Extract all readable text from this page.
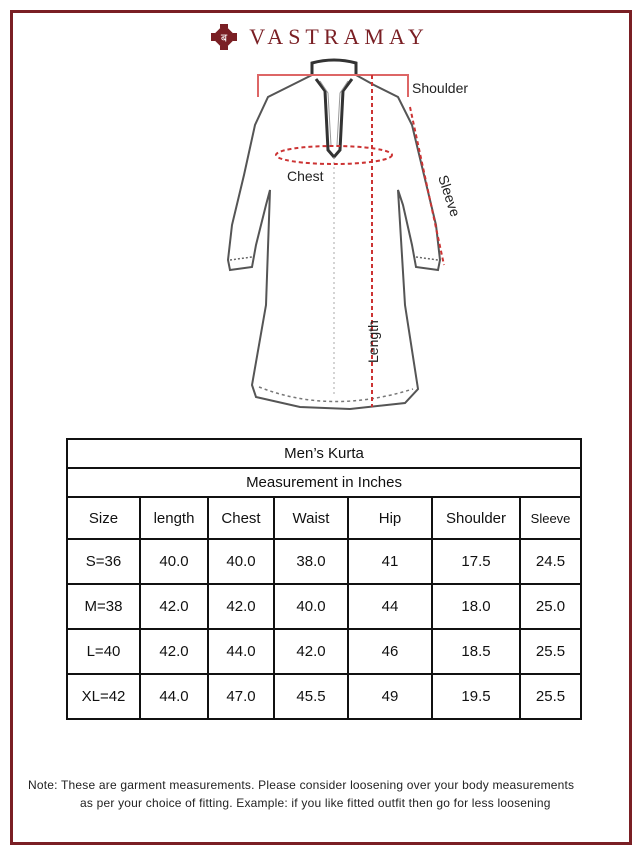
ब VASTRAMAY
Shoulder
Chest	Sleeve
Length
Men’s Kurta						
Measurement in Inches						
Size	length	Chest	Waist	Hip	Shoulder	Sleeve
S=36	40.0	40.0	38.0	41	17.5	24.5
M=38	42.0	42.0	40.0	44	18.0	25.0
L=40	42.0	44.0	42.0	46	18.5	25.5
XL=42	44.0	47.0	45.5	49	19.5	25.5
Note: These are garment measurements. Please consider loosening over your body measurements
as per your choice of fitting. Example: if you like fitted outfit then go for less loosening
